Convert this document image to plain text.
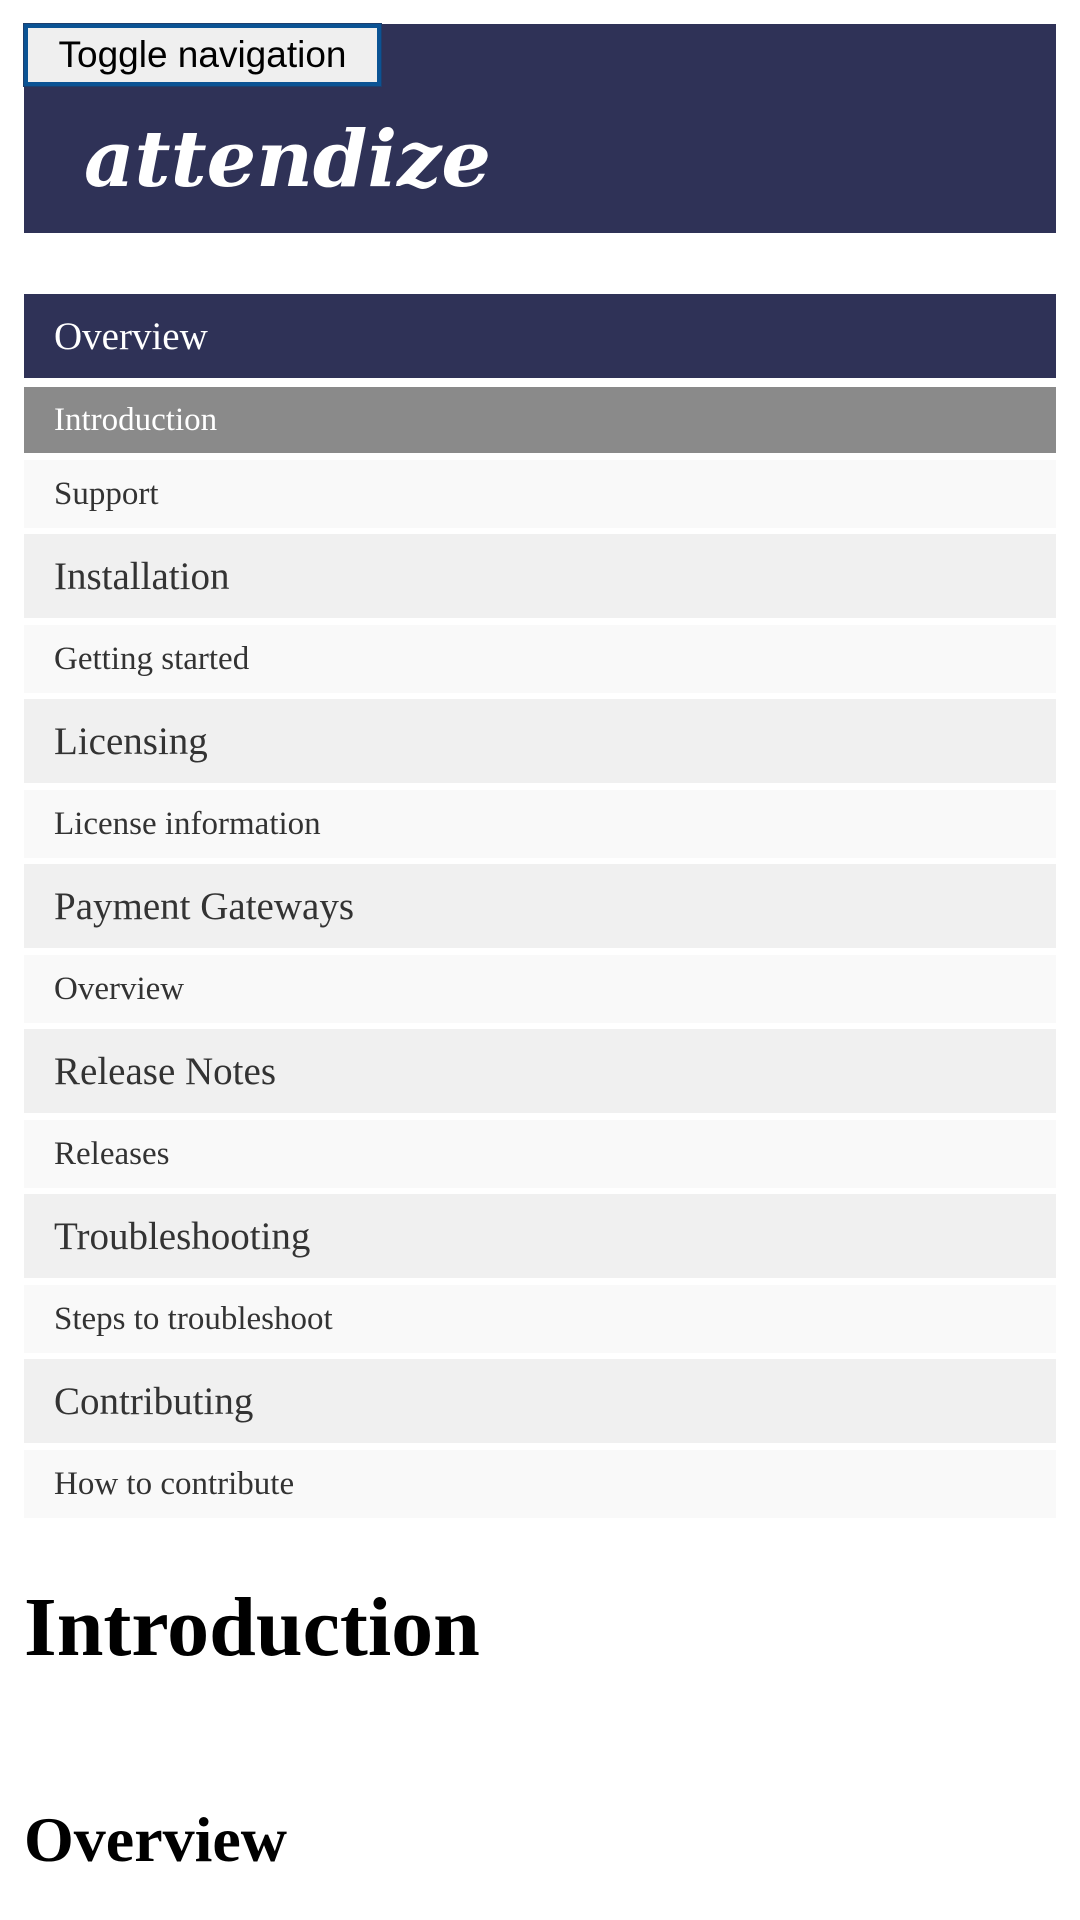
Toggle navigation
attendize
Overview
Introduction
Support
Installation
Getting started
Licensing
License information
Payment Gateways
Overview
Release Notes
Releases
Troubleshooting
Steps to troubleshoot
Contributing
How to contribute
Introduction
Overview
